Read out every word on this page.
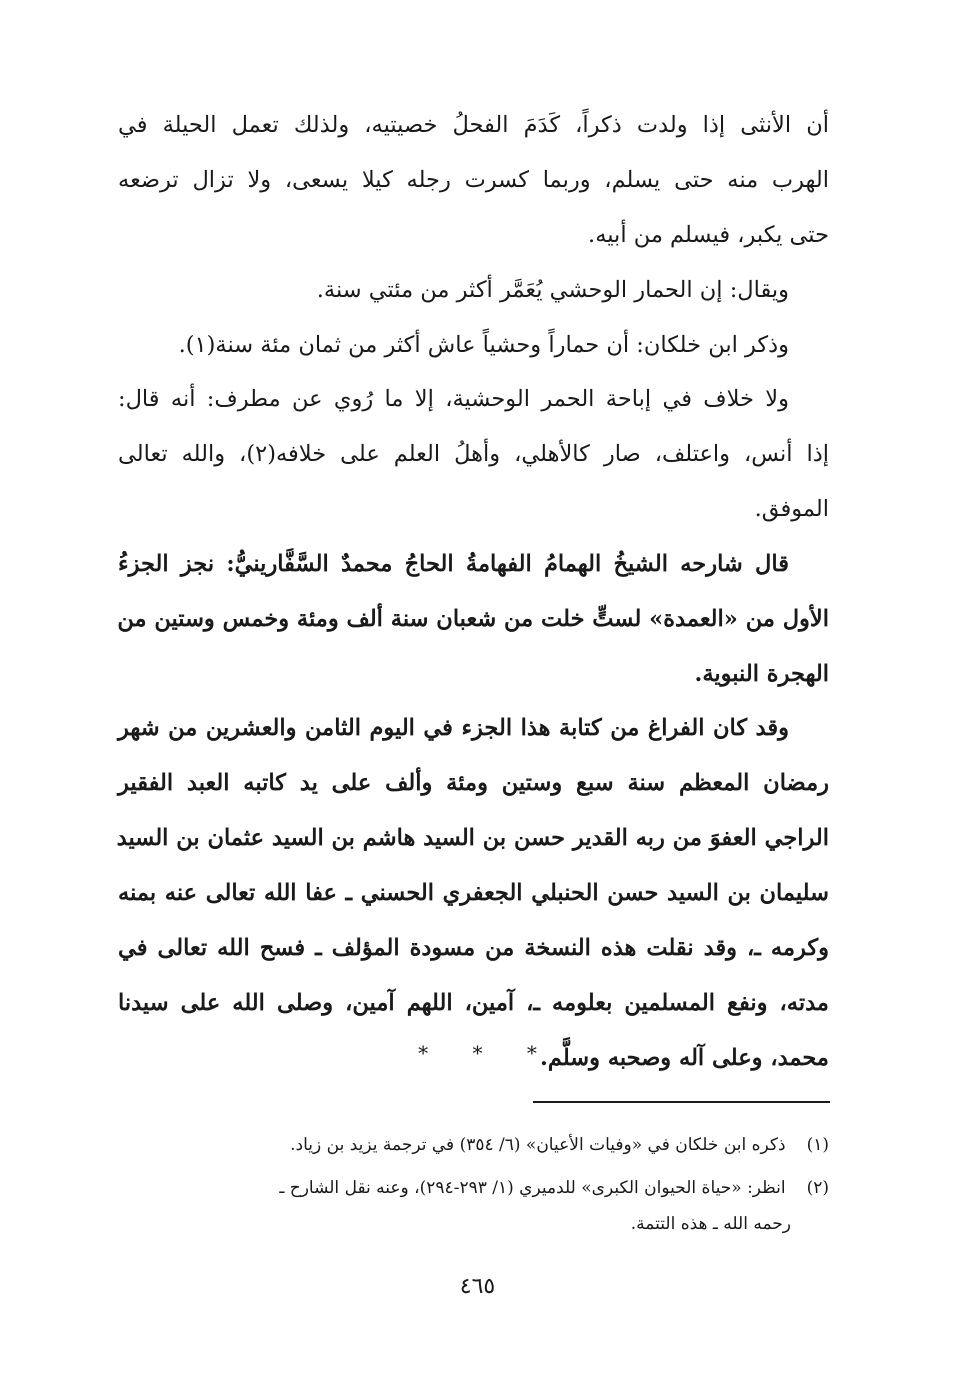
أن الأنثى إذا ولدت ذكراً، كَدَمَ الفحلُ خصيتيه، ولذلك تعمل الحيلة في
الهرب منه حتى يسلم، وربما كسرت رجله كيلا يسعى، ولا تزال ترضعه
حتى يكبر، فيسلم من أبيه.
ويقال: إن الحمار الوحشي يُعَمَّر أكثر من مئتي سنة.
وذكر ابن خلكان: أن حماراً وحشياً عاش أكثر من ثمان مئة سنة(١).
ولا خلاف في إباحة الحمر الوحشية، إلا ما رُوي عن مطرف: أنه قال:
إذا أنس، واعتلف، صار كالأهلي، وأهلُ العلم على خلافه(٢)، والله تعالى
الموفق.
قال شارحه الشيخُ الهمامُ الفهامةُ الحاجُ محمدٌ السَّفَّارينيُّ: نجز الجزءُ
الأول من «العمدة» لستٍّ خلت من شعبان سنة ألف ومئة وخمس وستين من
الهجرة النبوية.
وقد كان الفراغ من كتابة هذا الجزء في اليوم الثامن والعشرين من شهر
رمضان المعظم سنة سبع وستين ومئة وألف على يد كاتبه العبد الفقير
الراجي العفوَ من ربه القدير حسن بن السيد هاشم بن السيد عثمان بن السيد
سليمان بن السيد حسن الحنبلي الجعفري الحسني ـ عفا الله تعالى عنه بمنه
وكرمه ـ، وقد نقلت هذه النسخة من مسودة المؤلف ـ فسح الله تعالى في
مدته، ونفع المسلمين بعلومه ـ، آمين، اللهم آمين، وصلى الله على سيدنا
محمد، وعلى آله وصحبه وسلَّم.
* * *
(١) ذكره ابن خلكان في «وفيات الأعيان» (٦/ ٣٥٤) في ترجمة يزيد بن زياد.
(٢) انظر: «حياة الحيوان الكبرى» للدميري (١/ ٢٩٣-٢٩٤)، وعنه نقل الشارح ـ
رحمه الله ـ هذه التتمة.
٤٦٥
